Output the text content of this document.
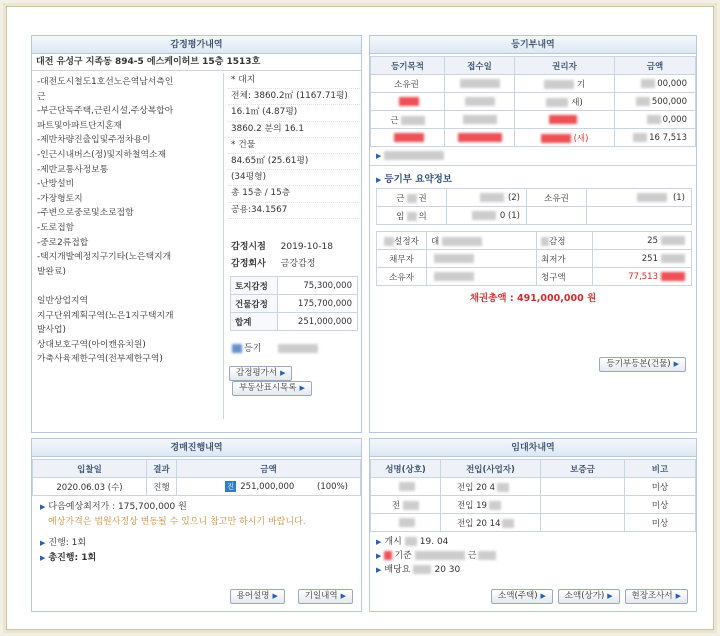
감정평가내역
대전 유성구 지족동 894-5 에스케이허브 15층 1513호
-대전도시철도1호선노은역남서측인
근
-부근단독주택,근린시설,주상복합아
파트및아파트단지혼재
-제반차량진출입및주정차용이
-인근시내버스(정)및지하철역소재
-제반교통사정보통
-난방설비
-가장형토지
-주변으로중로및소로접함
-도로접함
-중로2류접합
-택지개발예정지구기타(노은택지개
발완료)
일반상업지역
지구단위계획구역(노은1지구택지개
발사업)
상대보호구역(아이캔유치원)
가축사육제한구역(전부제한구역)
* 대지
전체: 3860.2㎡ (1167.71평)
16.1㎡ (4.87평)
3860.2 분의 16.1
* 건물
84.65㎡ (25.61평)
(34평형)
총 15층 / 15층
공용:34.1567
감정시점 2019-10-18
감정회사 금강감정
토지감정	75,300,000
건물감정	175,700,000
합계	251,000,000
등기
감정평가서 ▶ 부동산표시목록 ▶
등기부내역
등기목적	접수일	권리자	금액
소유권		기	00,000
		새)	500,000
근			0,000
		(새)	16 7,513
▶
▶ 등기부 요약정보
근 권	(2)	소유권	(1)
임 의	0 (1)		
설정자	대	감정	25
채무자		최저가	251
소유자		청구액	77,513
채권총액 : 491,000,000 원
등기부등본(건물) ▶
경매진행내역
입찰일	결과	금액
2020.06.03 (수)	진행	진 251,000,000 (100%)
▶ 다음예상최저가 : 175,700,000 원
예상가격은 법원사정상 변동될 수 있으니 참고만 하시기 바랍니다.
▶ 진행: 1회
▶ 총진행: 1회
용어설명 ▶	기일내역 ▶
임대차내역
성명(상호)	전입(사업자)	보증금	비고
	전입 20 4		미상
전	전입 19		미상
	전입 20 14		미상
▶ 개시 19. 04
▶ 기준	근
▶ 배당요	20 30
소액(주택) ▶ 소액(상가) ▶ 현장조사서 ▶
